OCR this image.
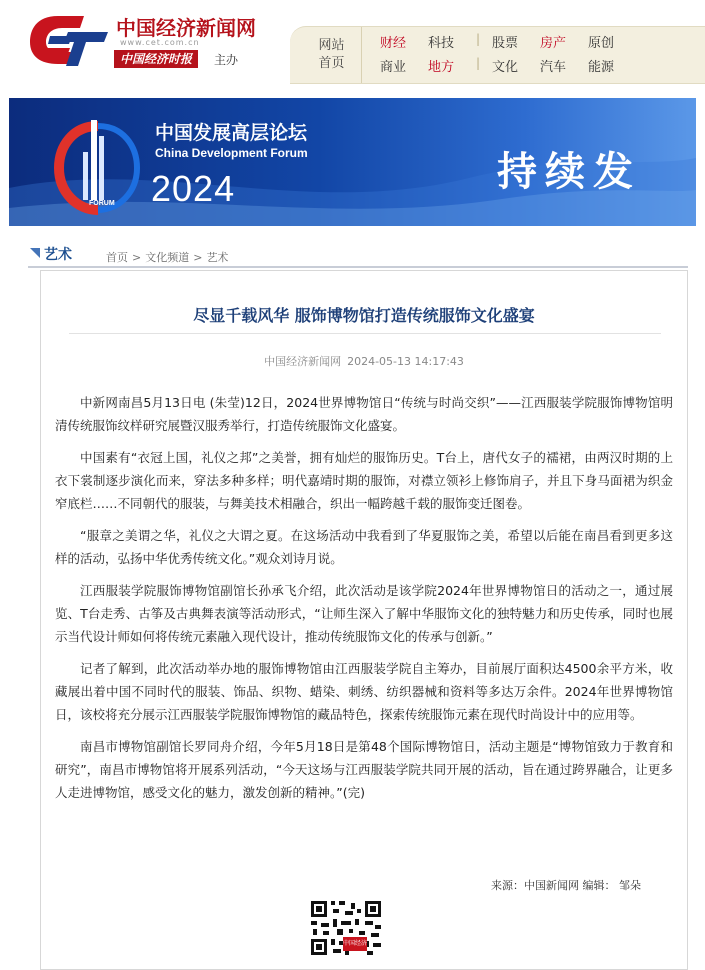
中国经济新闻网
www.cet.com.cn
中国经济时报	主办
网站
首页
财经	科技	| 股票	房产	原创
商业	地方	| 文化	汽车	能源
FORUM
中国发展高层论坛
China Development Forum
2024	持续发
艺术	首页 > 文化频道 > 艺术
尽显千载风华 服饰博物馆打造传统服饰文化盛宴
中国经济新闻网 2024-05-13 14:17:43

中新网南昌5月13日电 (朱莹)12日，2024世界博物馆日“传统与时尚交织”——江西服装学院服饰博物馆明清传统服饰纹样研究展暨汉服秀举行，打造传统服饰文化盛宴。

中国素有“衣冠上国，礼仪之邦”之美誉，拥有灿烂的服饰历史。T台上，唐代女子的襦裙，由两汉时期的上衣下裳制逐步演化而来，穿法多种多样；明代嘉靖时期的服饰，对襟立领衫上修饰肩子，并且下身马面裙为织金窄底栏……不同朝代的服装，与舞美技术相融合，织出一幅跨越千载的服饰变迁图卷。

“服章之美谓之华，礼仪之大谓之夏。在这场活动中我看到了华夏服饰之美，希望以后能在南昌看到更多这样的活动，弘扬中华优秀传统文化。”观众刘诗月说。

江西服装学院服饰博物馆副馆长孙承飞介绍，此次活动是该学院2024年世界博物馆日的活动之一，通过展览、T台走秀、古筝及古典舞表演等活动形式，“让师生深入了解中华服饰文化的独特魅力和历史传承，同时也展示当代设计师如何将传统元素融入现代设计，推动传统服饰文化的传承与创新。”

记者了解到，此次活动举办地的服饰博物馆由江西服装学院自主筹办，目前展厅面积达4500余平方米，收藏展出着中国不同时代的服装、饰品、织物、蜡染、刺绣、纺织器械和资料等多达万余件。2024年世界博物馆日，该校将充分展示江西服装学院服饰博物馆的藏品特色，探索传统服饰元素在现代时尚设计中的应用等。

南昌市博物馆副馆长罗同舟介绍，今年5月18日是第48个国际博物馆日，活动主题是“博物馆致力于教育和研究”，南昌市博物馆将开展系列活动，“今天这场与江西服装学院共同开展的活动，旨在通过跨界融合，让更多人走进博物馆，感受文化的魅力，激发创新的精神。”(完)

来源：中国新闻网 编辑： 邹朵
中国经济时报
